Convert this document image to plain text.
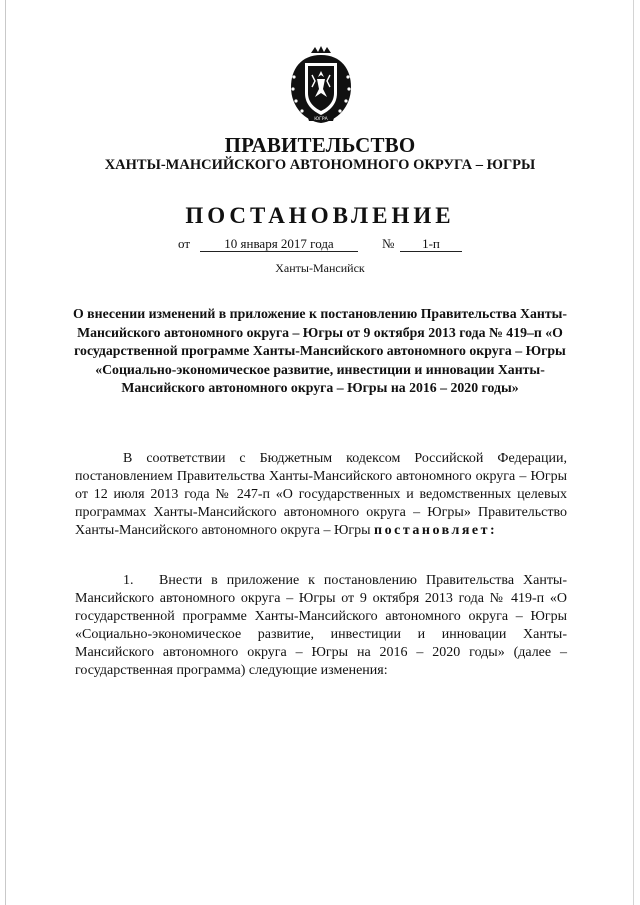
ЮГРА
ПРАВИТЕЛЬСТВО
ХАНТЫ-МАНСИЙСКОГО АВТОНОМНОГО ОКРУГА – ЮГРЫ
ПОСТАНОВЛЕНИЕ
от	10 января 2017 года	№	1-п
Ханты-Мансийск
О внесении изменений в приложение к постановлению Правительства Ханты-Мансийского автономного округа – Югры от 9 октября 2013 года № 419–п «О государственной программе Ханты-Мансийского автономного округа – Югры «Социально-экономическое развитие, инвестиции и инновации Ханты-Мансийского автономного округа – Югры на 2016 – 2020 годы»
В соответствии с Бюджетным кодексом Российской Федерации, постановлением Правительства Ханты-Мансийского автономного округа – Югры от 12 июля 2013 года № 247-п «О государственных и ведомственных целевых программах Ханты-Мансийского автономного округа – Югры» Правительство Ханты-Мансийского автономного округа – Югры постановляет:
1. Внести в приложение к постановлению Правительства Ханты-Мансийского автономного округа – Югры от 9 октября 2013 года № 419-п «О государственной программе Ханты-Мансийского автономного округа – Югры «Социально-экономическое развитие, инвестиции и инновации Ханты-Мансийского автономного округа – Югры на 2016 – 2020 годы» (далее – государственная программа) следующие изменения:
